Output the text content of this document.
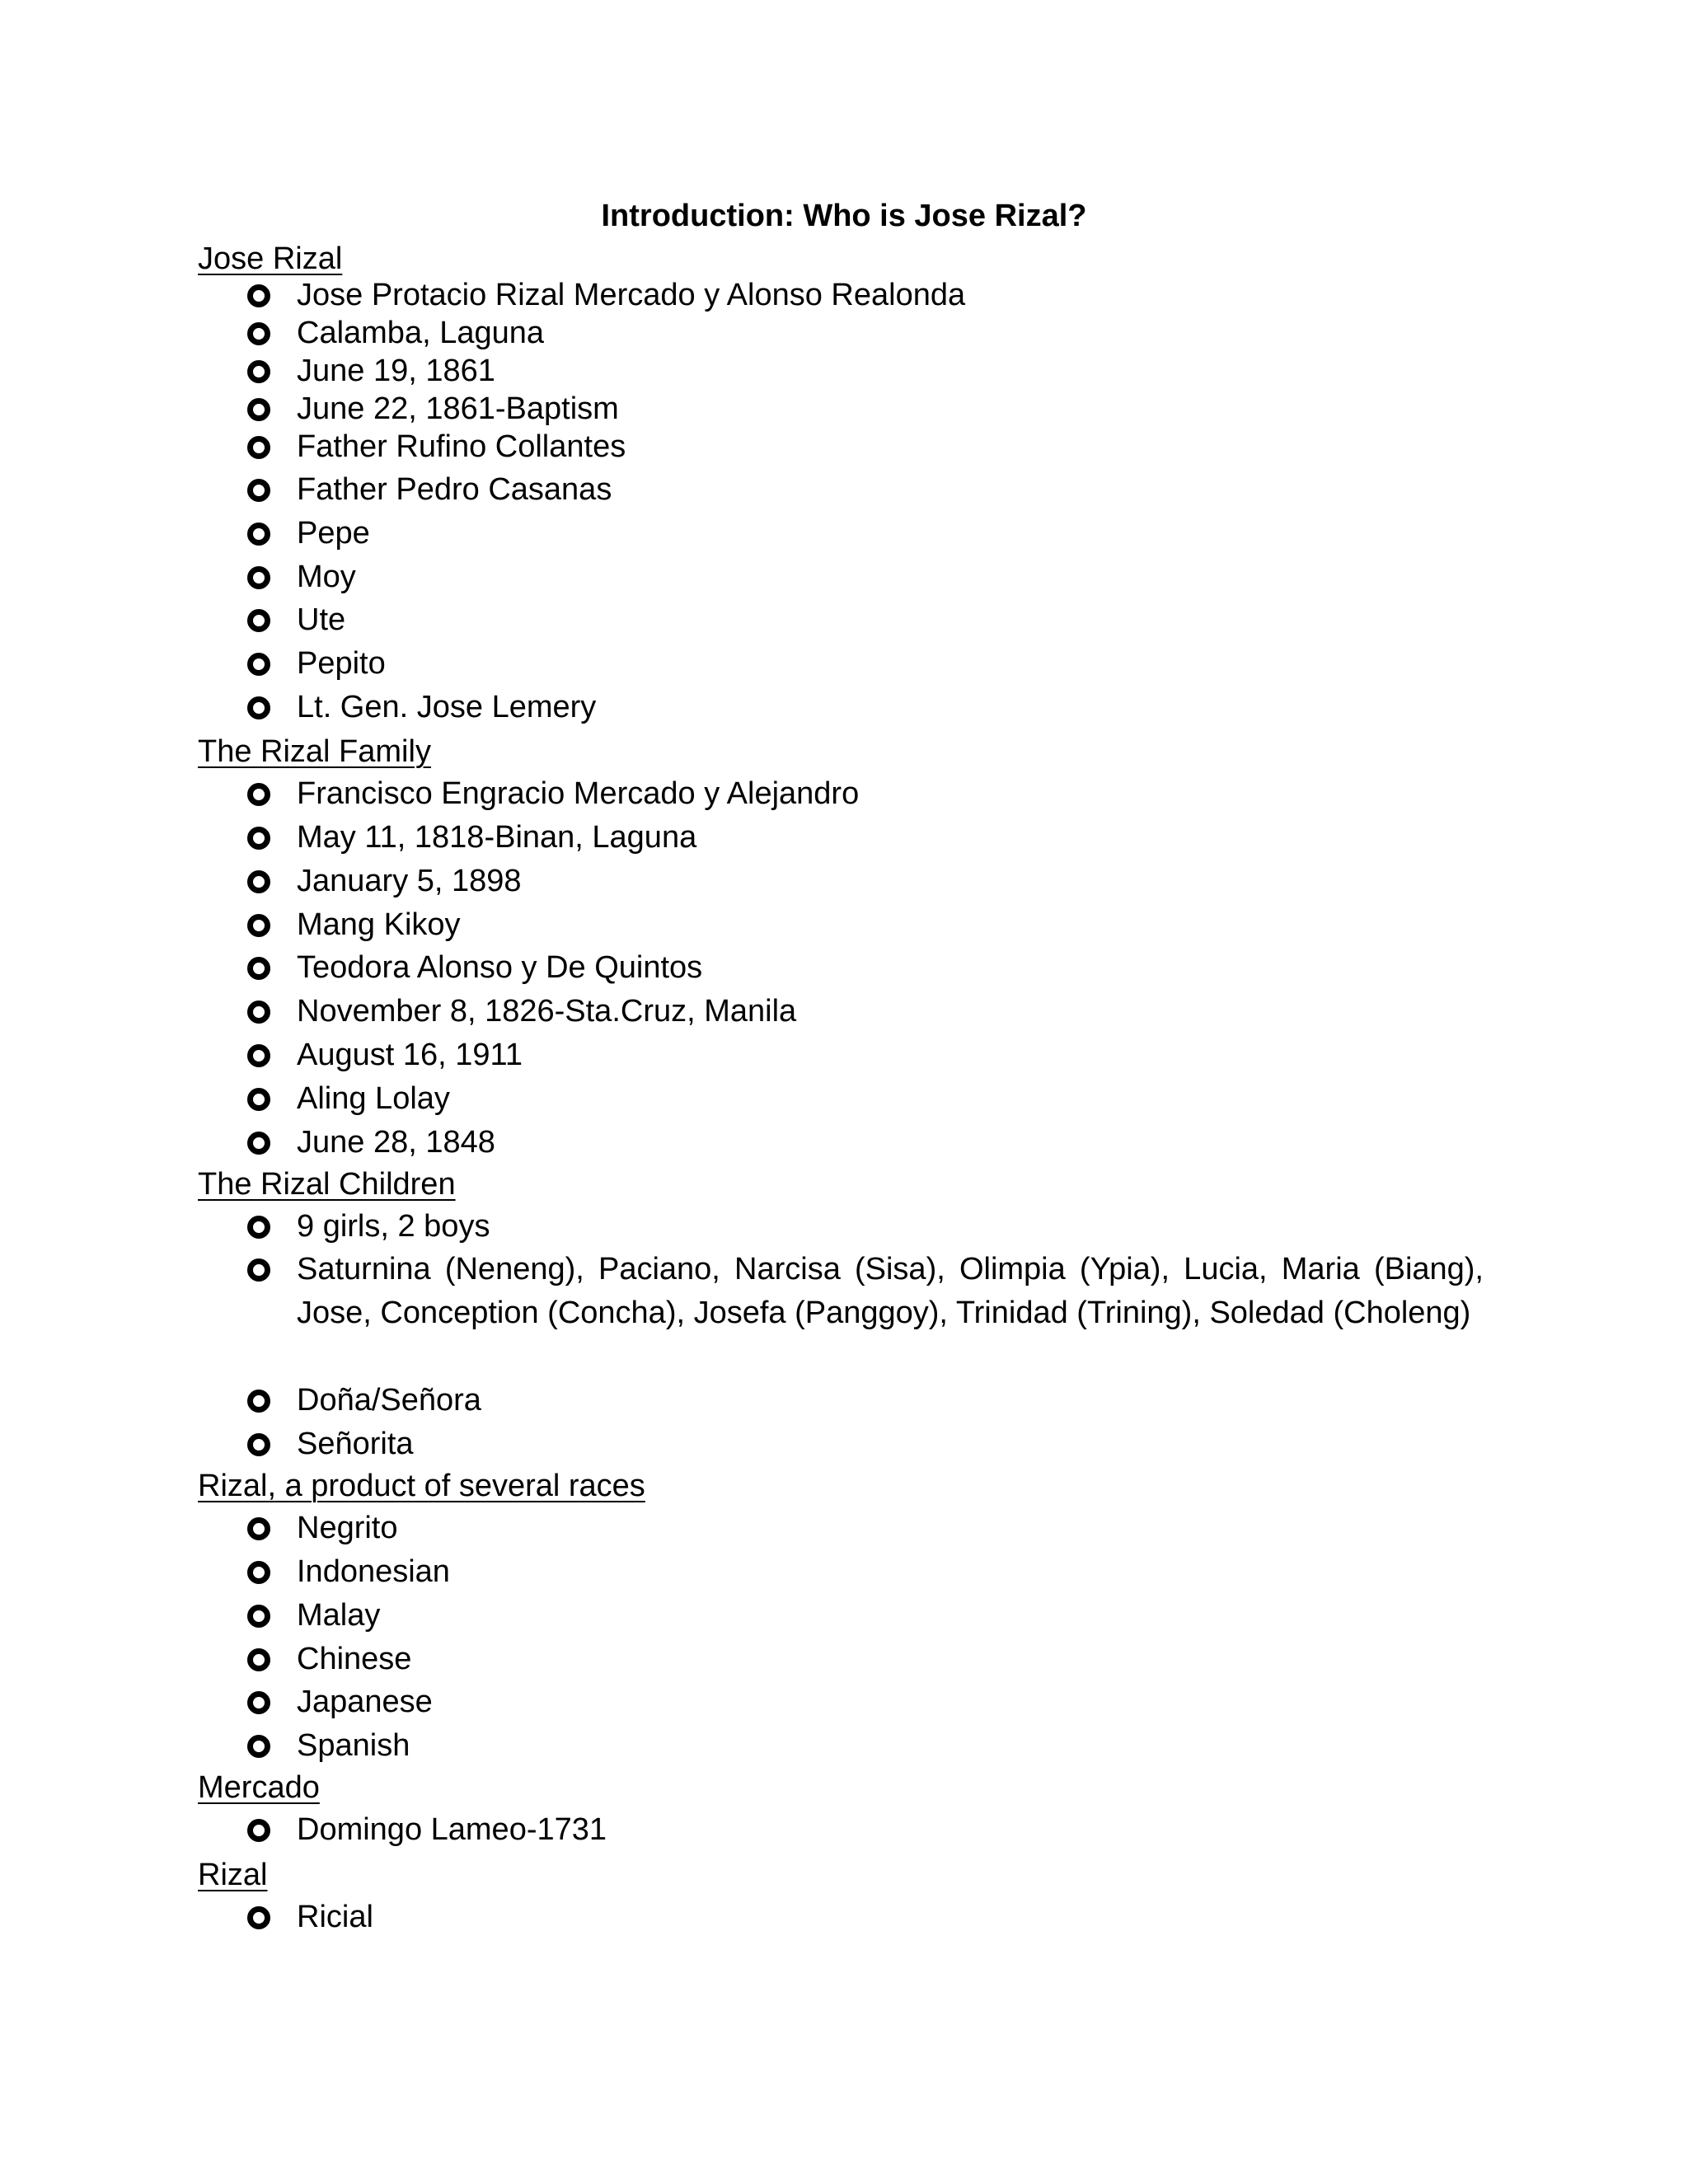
Introduction: Who is Jose Rizal?
Jose Rizal
Jose Protacio Rizal Mercado y Alonso Realonda
Calamba, Laguna
June 19, 1861
June 22, 1861-Baptism
Father Rufino Collantes
Father Pedro Casanas
Pepe
Moy
Ute
Pepito
Lt. Gen. Jose Lemery
The Rizal Family
Francisco Engracio Mercado y Alejandro
May 11, 1818-Binan, Laguna
January 5, 1898
Mang Kikoy
Teodora Alonso y De Quintos
November 8, 1826-Sta.Cruz, Manila
August 16, 1911
Aling Lolay
June 28, 1848
The Rizal Children
9 girls, 2 boys
Saturnina (Neneng), Paciano, Narcisa (Sisa), Olimpia (Ypia), Lucia, Maria (Biang), Jose, Conception (Concha), Josefa (Panggoy), Trinidad (Trining), Soledad (Choleng)
Doña/Señora
Señorita
Rizal, a product of several races
Negrito
Indonesian
Malay
Chinese
Japanese
Spanish
Mercado
Domingo Lameo-1731
Rizal
Ricial
